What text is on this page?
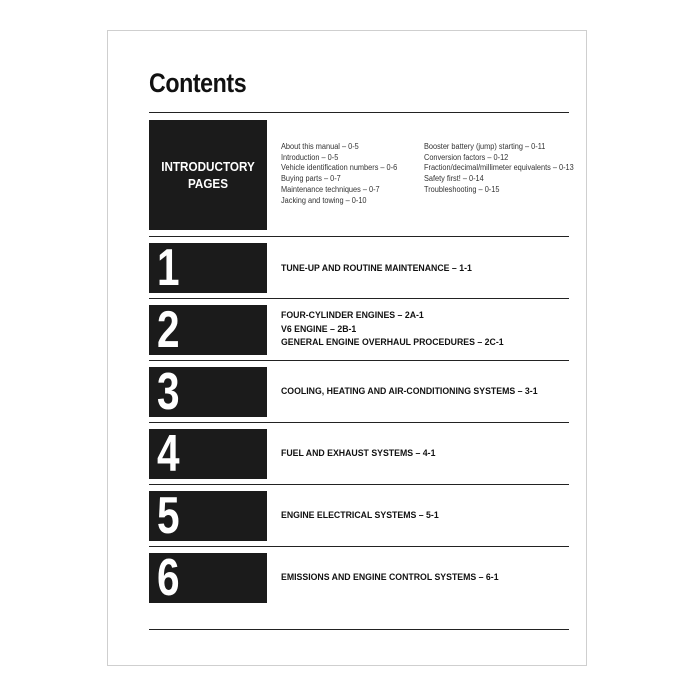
Contents
INTRODUCTORY
PAGES
About this manual – 0-5
Introduction – 0-5
Vehicle identification numbers – 0-6
Buying parts – 0-7
Maintenance techniques – 0-7
Jacking and towing – 0-10
Booster battery (jump) starting – 0-11
Conversion factors – 0-12
Fraction/decimal/millimeter equivalents – 0-13
Safety first! – 0-14
Troubleshooting – 0-15
1	TUNE-UP AND ROUTINE MAINTENANCE – 1-1
2	FOUR-CYLINDER ENGINES – 2A-1
V6 ENGINE – 2B-1
GENERAL ENGINE OVERHAUL PROCEDURES – 2C-1
3	COOLING, HEATING AND AIR-CONDITIONING SYSTEMS – 3-1
4	FUEL AND EXHAUST SYSTEMS – 4-1
5	ENGINE ELECTRICAL SYSTEMS – 5-1
6	EMISSIONS AND ENGINE CONTROL SYSTEMS – 6-1
